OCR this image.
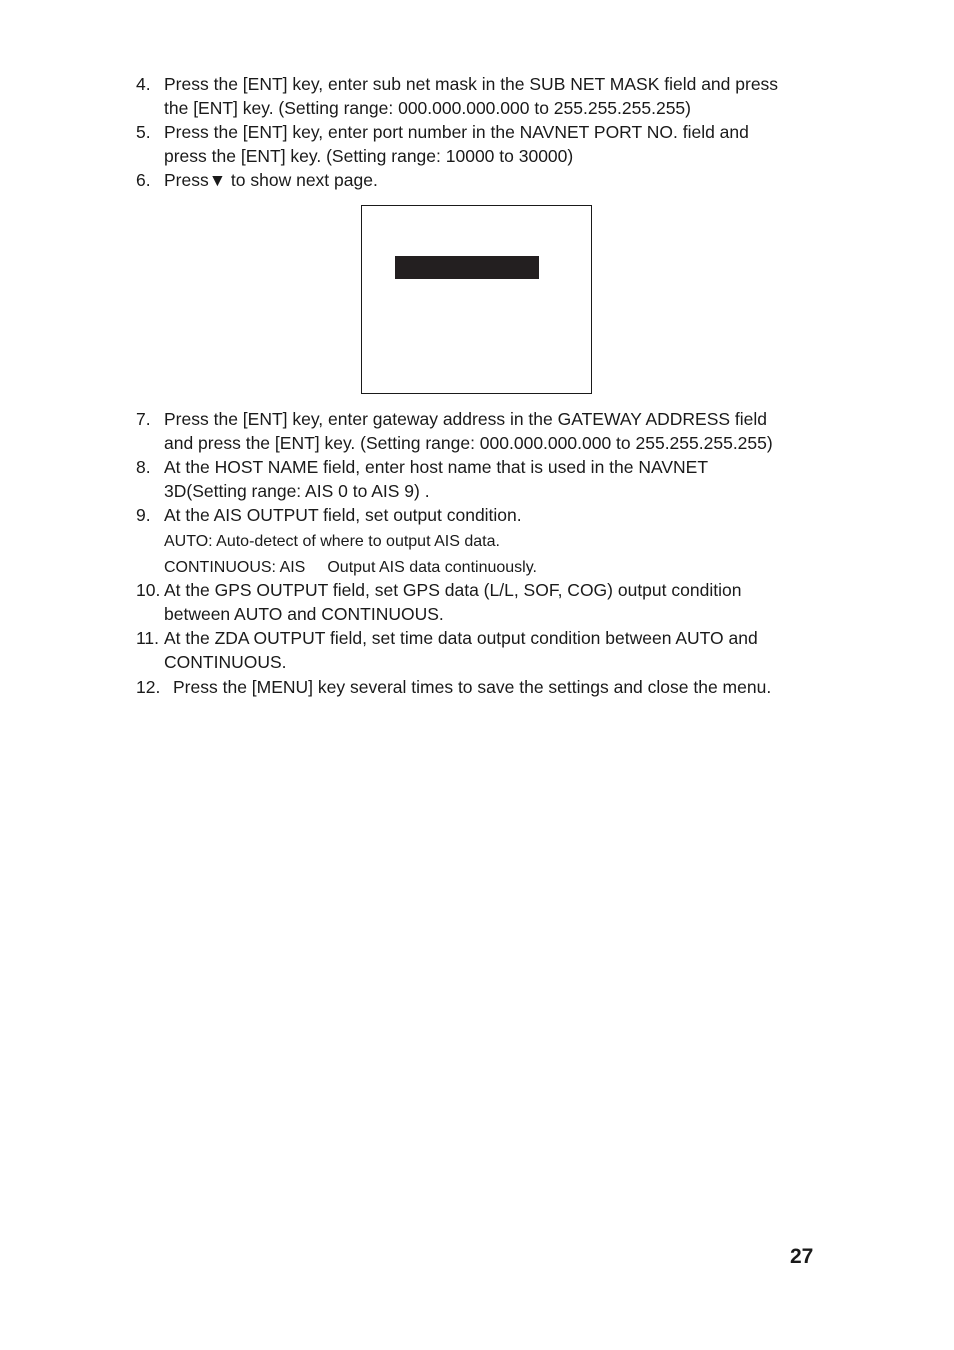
4. Press the [ENT] key, enter sub net mask in the SUB NET MASK field and press
the [ENT] key. (Setting range: 000.000.000.000 to 255.255.255.255)
5. Press the [ENT] key, enter port number in the NAVNET PORT NO. field and
press the [ENT] key. (Setting range: 10000 to 30000)
6. Press▼ to show next page.
7. Press the [ENT] key, enter gateway address in the GATEWAY ADDRESS field
and press the [ENT] key. (Setting range: 000.000.000.000 to 255.255.255.255)
8. At the HOST NAME field, enter host name that is used in the NAVNET
3D(Setting range: AIS 0 to AIS 9) .
9. At the AIS OUTPUT field, set output condition.
AUTO: Auto-detect of where to output AIS data.
CONTINUOUS: AIS Output AIS data continuously.
10. At the GPS OUTPUT field, set GPS data (L/L, SOF, COG) output condition
between AUTO and CONTINUOUS.
11. At the ZDA OUTPUT field, set time data output condition between AUTO and
CONTINUOUS.
12. Press the [MENU] key several times to save the settings and close the menu.
27
